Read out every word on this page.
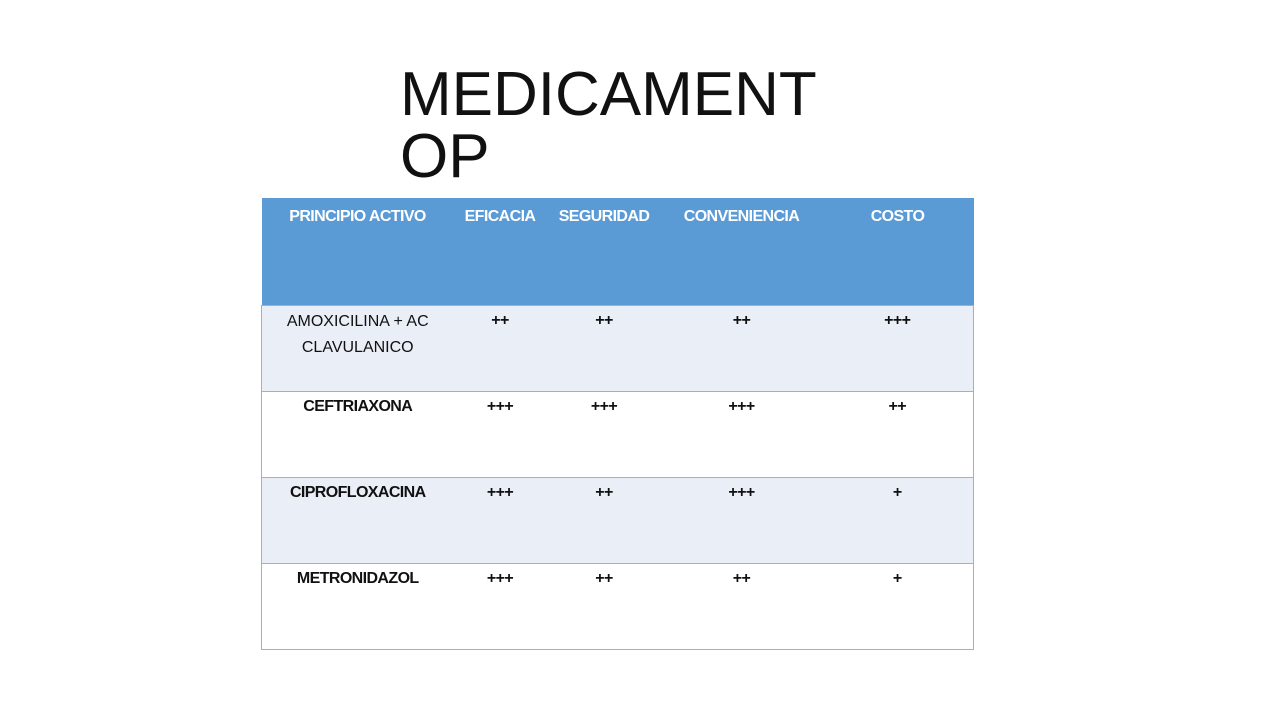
MEDICAMENTOP
PRINCIPIO ACTIVO	EFICACIA	SEGURIDAD	CONVENIENCIA	COSTO
AMOXICILINA + AC CLAVULANICO	++	++	++	+++
CEFTRIAXONA	+++	+++	+++	++
CIPROFLOXACINA	+++	++	+++	+
METRONIDAZOL	+++	++	++	+
